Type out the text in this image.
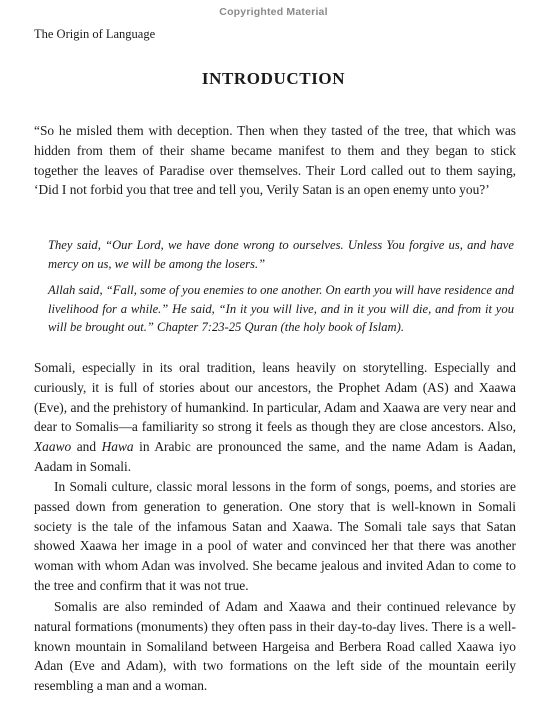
Copyrighted Material
The Origin of Language
INTRODUCTION

“So he misled them with deception. Then when they tasted of the tree, that which was hidden from them of their shame became manifest to them and they began to stick together the leaves of Paradise over themselves. Their Lord called out to them saying, ‘Did I not forbid you that tree and tell you, Verily Satan is an open enemy unto you?’

They said, “Our Lord, we have done wrong to ourselves. Unless You forgive us, and have mercy on us, we will be among the losers.”

Allah said, “Fall, some of you enemies to one another. On earth you will have residence and livelihood for a while.” He said, “In it you will live, and in it you will die, and from it you will be brought out.” Chapter 7:23-25 Quran (the holy book of Islam).

Somali, especially in its oral tradition, leans heavily on storytelling. Especially and curiously, it is full of stories about our ancestors, the Prophet Adam (AS) and Xaawa (Eve), and the prehistory of humankind. In particular, Adam and Xaawa are very near and dear to Somalis—a familiarity so strong it feels as though they are close ancestors. Also, Xaawo and Hawa in Arabic are pronounced the same, and the name Adam is Aadan, Aadam in Somali.

In Somali culture, classic moral lessons in the form of songs, poems, and stories are passed down from generation to generation. One story that is well-known in Somali society is the tale of the infamous Satan and Xaawa. The Somali tale says that Satan showed Xaawa her image in a pool of water and convinced her that there was another woman with whom Adan was involved. She became jealous and invited Adan to come to the tree and confirm that it was not true.

Somalis are also reminded of Adam and Xaawa and their continued relevance by natural formations (monuments) they often pass in their day-to-day lives. There is a well-known mountain in Somaliland between Hargeisa and Berbera Road called Xaawa iyo Adan (Eve and Adam), with two formations on the left side of the mountain eerily resembling a man and a woman.
